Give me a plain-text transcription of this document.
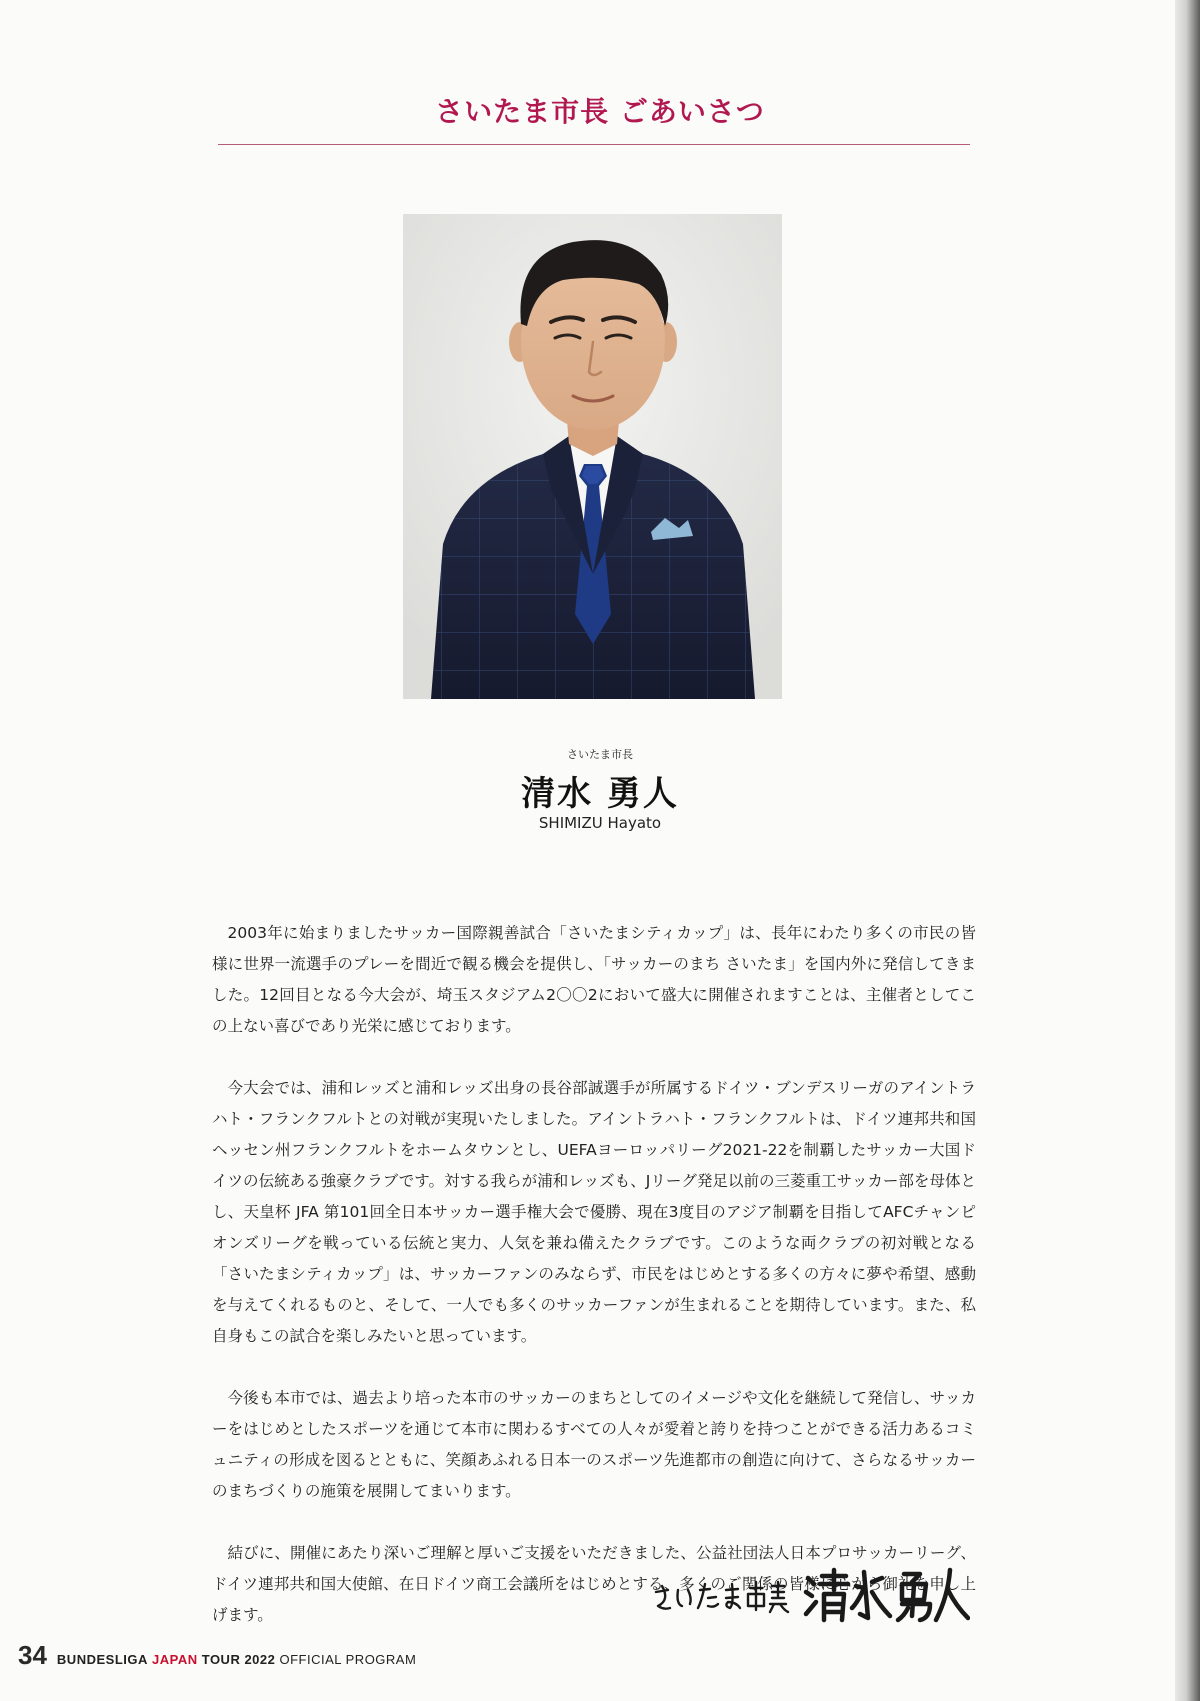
さいたま市長 ごあいさつ
さいたま市長
清水 勇人
SHIMIZU Hayato

2003年に始まりましたサッカー国際親善試合「さいたまシティカップ」は、長年にわたり多くの市民の皆様に世界一流選手のプレーを間近で観る機会を提供し、「サッカーのまち さいたま」を国内外に発信してきました。12回目となる今大会が、埼玉スタジアム2〇〇2において盛大に開催されますことは、主催者としてこの上ない喜びであり光栄に感じております。

今大会では、浦和レッズと浦和レッズ出身の長谷部誠選手が所属するドイツ・ブンデスリーガのアイントラハト・フランクフルトとの対戦が実現いたしました。アイントラハト・フランクフルトは、ドイツ連邦共和国ヘッセン州フランクフルトをホームタウンとし、UEFAヨーロッパリーグ2021-22を制覇したサッカー大国ドイツの伝統ある強豪クラブです。対する我らが浦和レッズも、Jリーグ発足以前の三菱重工サッカー部を母体とし、天皇杯 JFA 第101回全日本サッカー選手権大会で優勝、現在3度目のアジア制覇を目指してAFCチャンピオンズリーグを戦っている伝統と実力、人気を兼ね備えたクラブです。このような両クラブの初対戦となる「さいたまシティカップ」は、サッカーファンのみならず、市民をはじめとする多くの方々に夢や希望、感動を与えてくれるものと、そして、一人でも多くのサッカーファンが生まれることを期待しています。また、私自身もこの試合を楽しみたいと思っています。

今後も本市では、過去より培った本市のサッカーのまちとしてのイメージや文化を継続して発信し、サッカーをはじめとしたスポーツを通じて本市に関わるすべての人々が愛着と誇りを持つことができる活力あるコミュニティの形成を図るとともに、笑顔あふれる日本一のスポーツ先進都市の創造に向けて、さらなるサッカーのまちづくりの施策を展開してまいります。

結びに、開催にあたり深いご理解と厚いご支援をいただきました、公益社団法人日本プロサッカーリーグ、ドイツ連邦共和国大使館、在日ドイツ商工会議所をはじめとする、多くのご関係の皆様に心から御礼を申し上げます。

34 BUNDESLIGA JAPAN TOUR 2022 OFFICIAL PROGRAM
